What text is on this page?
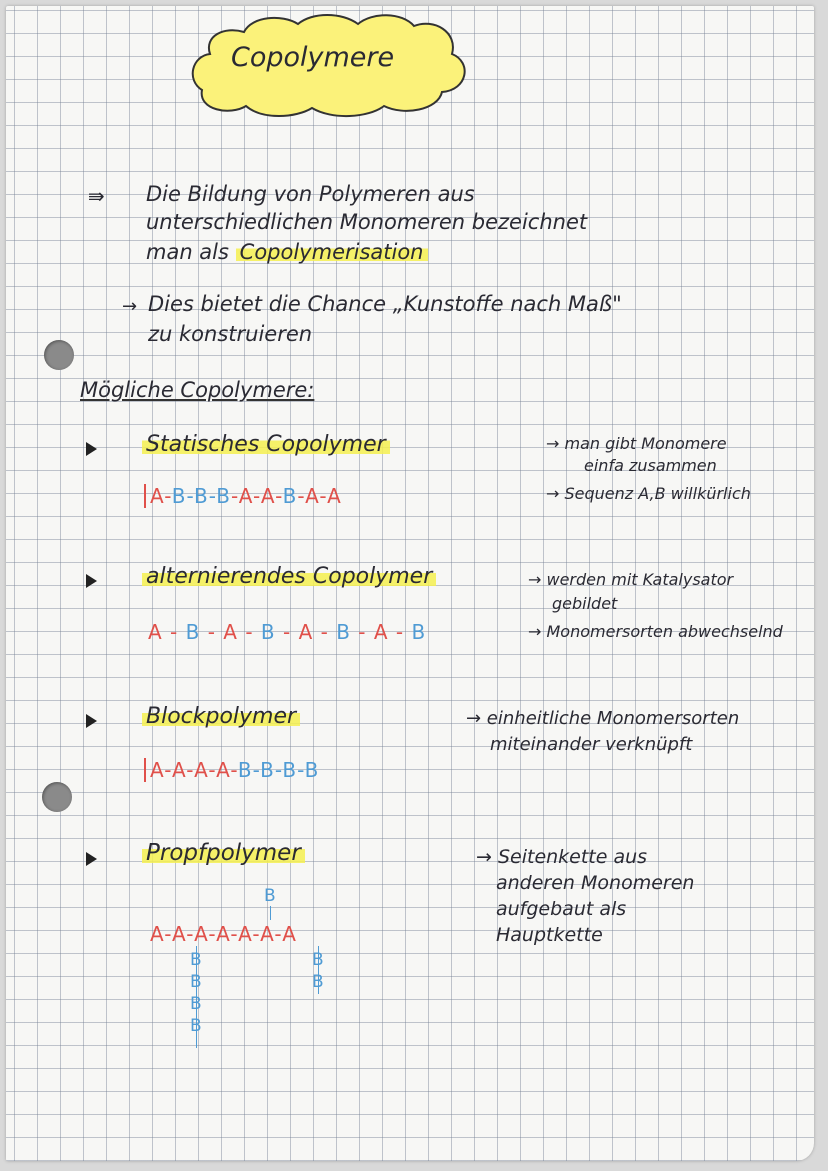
Copolymere
⇛ Die Bildung von Polymeren aus
unterschiedlichen Monomeren bezeichnet
man als Copolymerisation
→ Dies bietet die Chance „Kunstoffe nach Maß"
zu konstruieren
Mögliche Copolymere:
Statisches Copolymer
A-B-B-B-A-A-B-A-A
→ man gibt Monomere
einfa zusammen
→ Sequenz A,B willkürlich
alternierendes Copolymer
A - B - A - B - A - B - A - B
→ werden mit Katalysator
gebildet
→ Monomersorten abwechselnd
Blockpolymer
A-A-A-A-B-B-B-B
→ einheitliche Monomersorten
miteinander verknüpft
Propfpolymer
B
A-A-A-A-A-A-A
B
B
B
B
B
B
→ Seitenkette aus
anderen Monomeren
aufgebaut als
Hauptkette
